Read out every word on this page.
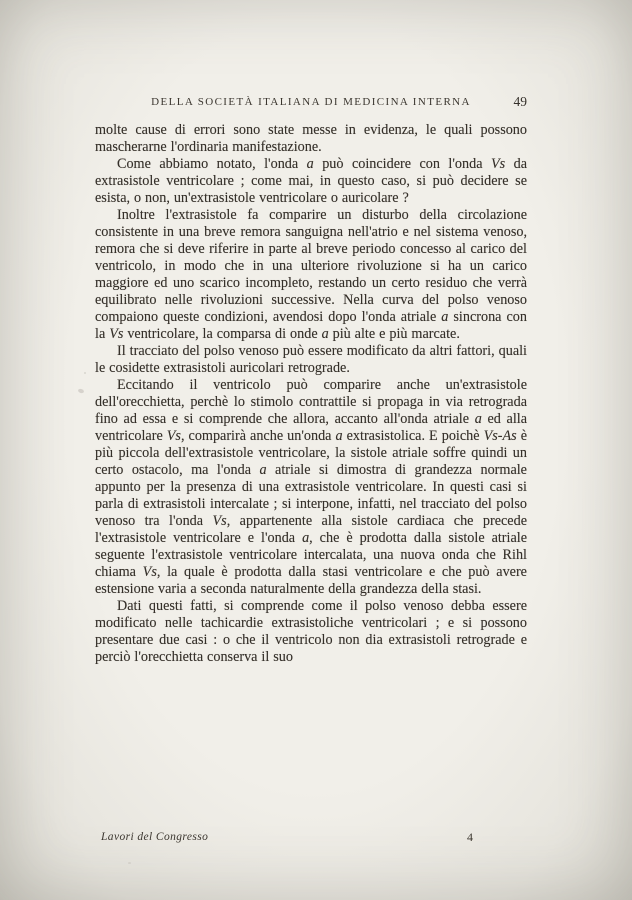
DELLA SOCIETÀ ITALIANA DI MEDICINA INTERNA	49

molte cause di errori sono state messe in evidenza, le quali possono mascherarne l'ordinaria manifestazione.

Come abbiamo notato, l'onda a può coincidere con l'onda Vs da extrasistole ventricolare ; come mai, in questo caso, si può decidere se esista, o non, un'extrasistole ventricolare o auricolare ?

Inoltre l'extrasistole fa comparire un disturbo della circolazione consistente in una breve remora sanguigna nell'atrio e nel sistema venoso, remora che si deve riferire in parte al breve periodo concesso al carico del ventricolo, in modo che in una ulteriore rivoluzione si ha un carico maggiore ed uno scarico incompleto, restando un certo residuo che verrà equilibrato nelle rivoluzioni successive. Nella curva del polso venoso compaiono queste condizioni, avendosi dopo l'onda atriale a sincrona con la Vs ventricolare, la comparsa di onde a più alte e più marcate.

Il tracciato del polso venoso può essere modificato da altri fattori, quali le cosidette extrasistoli auricolari retrograde.

Eccitando il ventricolo può comparire anche un'extrasistole dell'orecchietta, perchè lo stimolo contrattile si propaga in via retrograda fino ad essa e si comprende che allora, accanto all'onda atriale a ed alla ventricolare Vs, comparirà anche un'onda a extrasistolica. E poichè Vs-As è più piccola dell'extrasistole ventricolare, la sistole atriale soffre quindi un certo ostacolo, ma l'onda a atriale si dimostra di grandezza normale appunto per la presenza di una extrasistole ventricolare. In questi casi si parla di extrasistoli intercalate ; si interpone, infatti, nel tracciato del polso venoso tra l'onda Vs, appartenente alla sistole cardiaca che precede l'extrasistole ventricolare e l'onda a, che è prodotta dalla sistole atriale seguente l'extrasistole ventricolare intercalata, una nuova onda che Rihl chiama Vs, la quale è prodotta dalla stasi ventricolare e che può avere estensione varia a seconda naturalmente della grandezza della stasi.

Dati questi fatti, si comprende come il polso venoso debba essere modificato nelle tachicardie extrasistoliche ventricolari ; e si possono presentare due casi : o che il ventricolo non dia extrasistoli retrograde e perciò l'orecchietta conserva il suo

Lavori del Congresso	4
